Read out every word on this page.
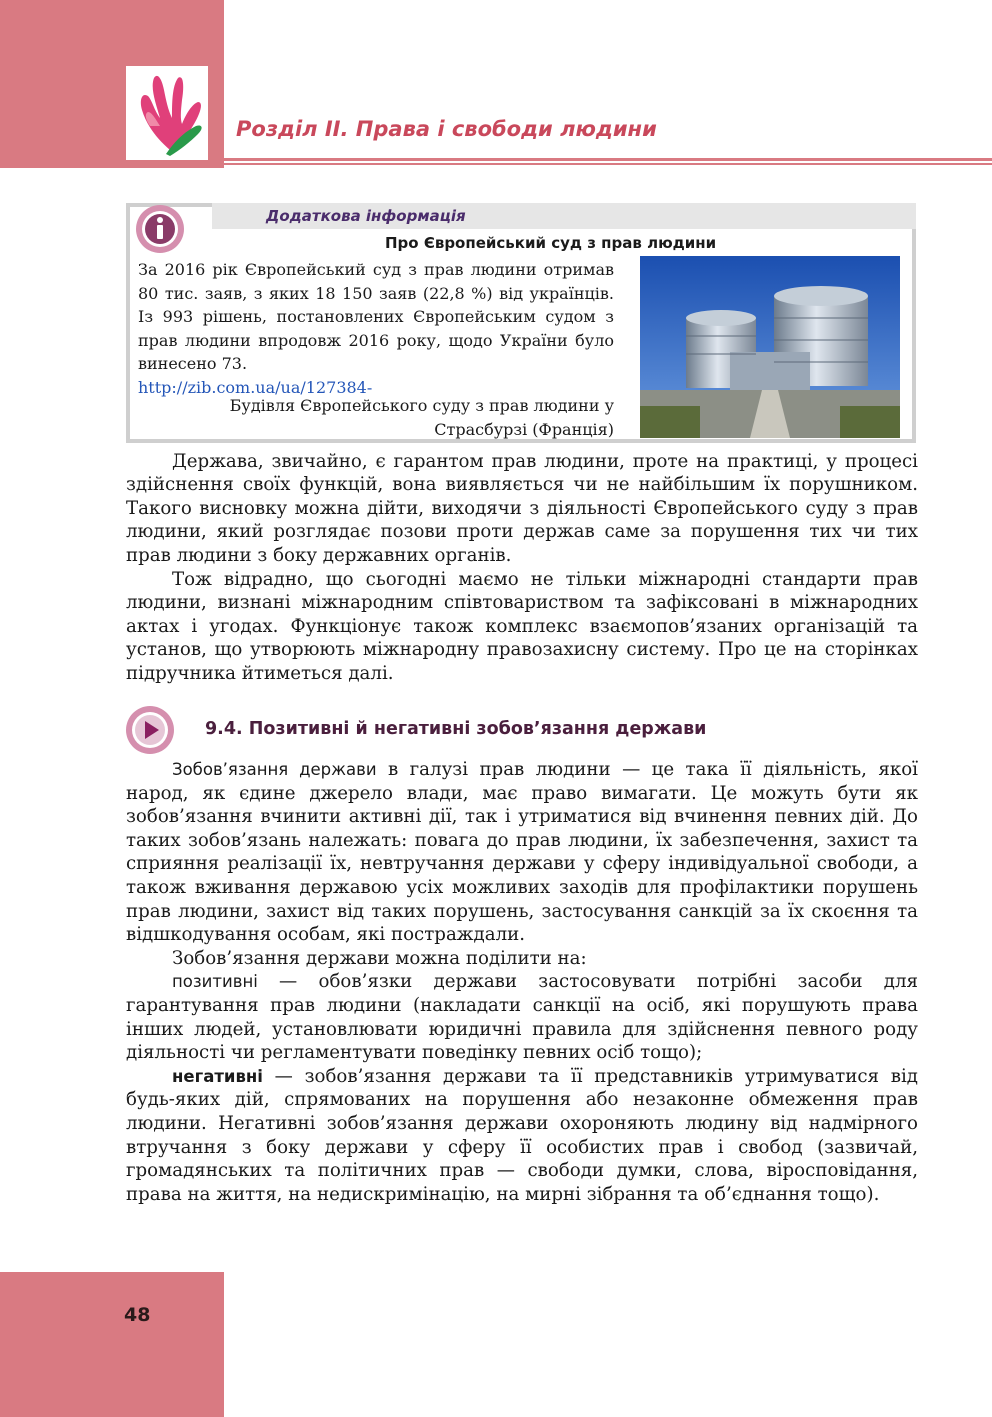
Розділ ІІ. Права і свободи людини
Додаткова інформація
Про Європейський суд з прав людини
За 2016 рік Європейський суд з прав людини отримав 80 тис. заяв, з яких 18 150 заяв (22,8 %) від українців. Із 993 рішень, постановлених Європейським судом з прав людини впродовж 2016 року, щодо України було винесено 73.
http://zib.com.ua/ua/127384-
Будівля Європейського суду з прав людини у Страсбурзі (Франція)

Держава, звичайно, є гарантом прав людини, проте на практиці, у процесі здійснення своїх функцій, вона виявляється чи не найбільшим їх порушником. Такого висновку можна дійти, виходячи з діяльності Європейського суду з прав людини, який розглядає позови проти держав саме за порушення тих чи тих прав людини з боку державних органів.

Тож відрадно, що сьогодні маємо не тільки міжнародні стандарти прав людини, визнані міжнародним співтовариством та зафіксовані в міжнародних актах і угодах. Функціонує також комплекс взаємопов’язаних організацій та установ, що утворюють міжнародну правозахисну систему. Про це на сторінках підручника йтиметься далі.

9.4. Позитивні й негативні зобов’язання держави

Зобов’язання держави в галузі прав людини — це така її діяльність, якої народ, як єдине джерело влади, має право вимагати. Це можуть бути як зобов’язання вчинити активні дії, так і утриматися від вчинення певних дій. До таких зобов’язань належать: повага до прав людини, їх забезпечення, захист та сприяння реалізації їх, невтручання держави у сферу індивідуальної свободи, а також вживання державою усіх можливих заходів для профілактики порушень прав людини, захист від таких порушень, застосування санкцій за їх скоєння та відшкодування особам, які постраждали.

Зобов’язання держави можна поділити на:

позитивні — обов’язки держави застосовувати потрібні засоби для гарантування прав людини (накладати санкції на осіб, які порушують права інших людей, установлювати юридичні правила для здійснення певного роду діяльності чи регламентувати поведінку певних осіб тощо);

негативні — зобов’язання держави та її представників утримуватися від будь-яких дій, спрямованих на порушення або незаконне обмеження прав людини. Негативні зобов’язання держави охороняють людину від надмірного втручання з боку держави у сферу її особистих прав і свобод (зазвичай, громадянських та політичних прав — свободи думки, слова, віросповідання, права на життя, на недискримінацію, на мирні зібрання та об’єднання тощо).

48
